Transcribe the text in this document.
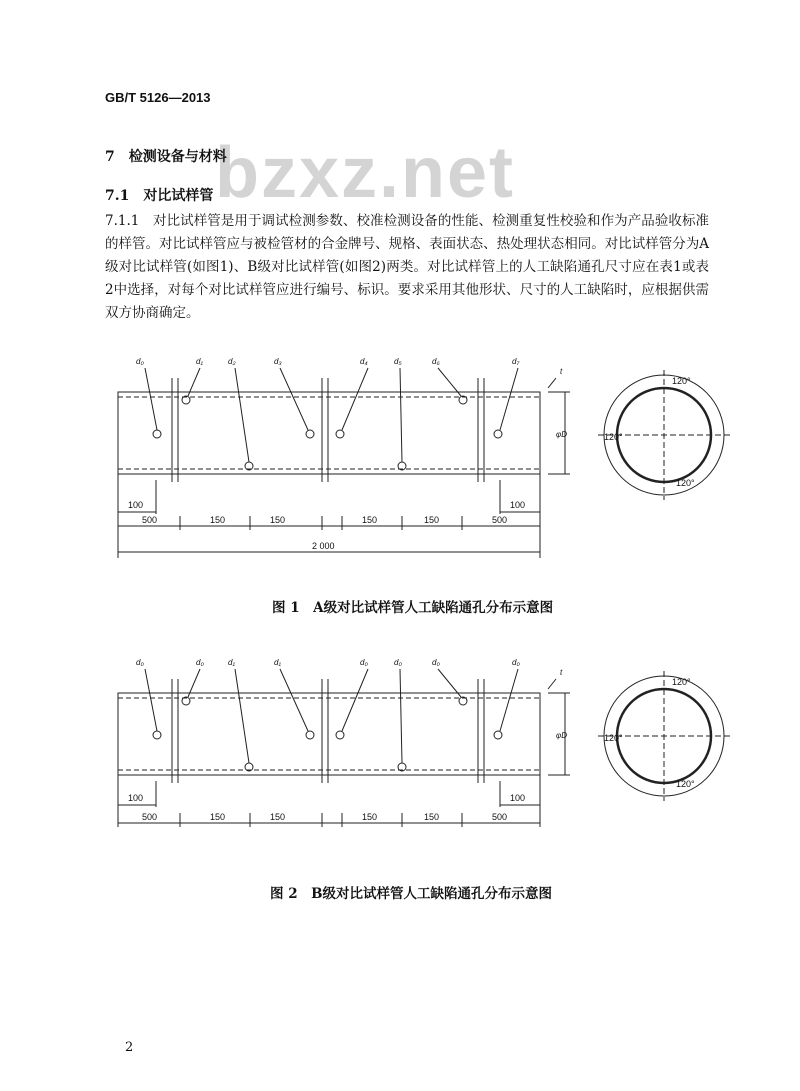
GB/T 5126—2013
bzxz.net
7　 检测设备与材料
7.1　 对比试样管
7.1.1　 对比试样管是用于调试检测参数、校准检测设备的性能、检测重复性校验和作为产品验收标准的样管。对比试样管应与被检管材的合金牌号、规格、表面状态、热处理状态相同。对比试样管分为A级对比试样管(如图1)、B级对比试样管(如图2)两类。对比试样管上的人工缺陷通孔尺寸应在表1或表2中选择，对每个对比试样管应进行编号、标识。要求采用其他形状、尺寸的人工缺陷时，应根据供需双方协商确定。
d₀	d₁	d₂	d₃	d₄	d₅	d₆	d₇
t
φD
100	100
500	150	150	150	150	500
2 000
120°
120°
120°
图 1　A级对比试样管人工缺陷通孔分布示意图
d₀	d₀	d₁	d₁	d₀	d₀	d₀	d₀
t
φD
100	100
500	150	150	150	150	500
120°
120°
120°
图 2　B级对比试样管人工缺陷通孔分布示意图
2
